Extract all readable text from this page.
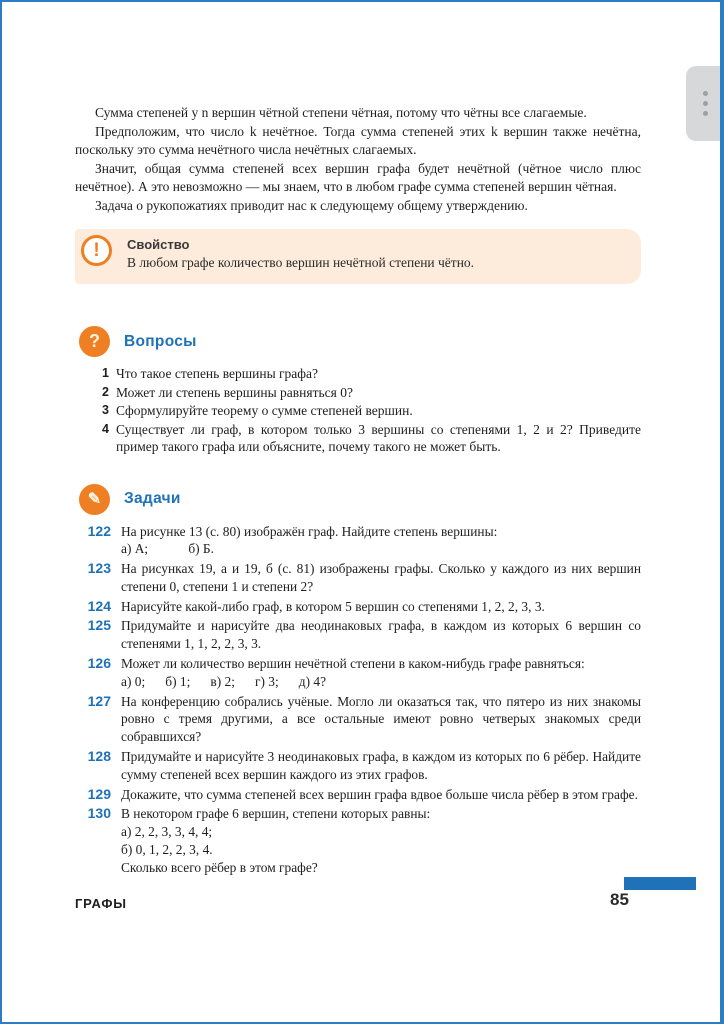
Сумма степеней у n вершин чётной степени чётная, потому что чётны все слагаемые.

Предположим, что число k нечётное. Тогда сумма степеней этих k вершин также нечётна, поскольку это сумма нечётного числа нечётных слагаемых.

Значит, общая сумма степеней всех вершин графа будет нечётной (чётное число плюс нечётное). А это невозможно — мы знаем, что в любом графе сумма степеней вершин чётная.

Задача о рукопожатиях приводит нас к следующему общему утверждению.

! Свойство
В любом графе количество вершин нечётной степени чётно.
? Вопросы
1 Что такое степень вершины графа?
2 Может ли степень вершины равняться 0?
3 Сформулируйте теорему о сумме степеней вершин.
4 Существует ли граф, в котором только 3 вершины со степенями 1, 2 и 2? Приведите пример такого графа или объясните, почему такого не может быть.
✎ Задачи
122 На рисунке 13 (с. 80) изображён граф. Найдите степень вершины:

а) А;   б) Б.

123 На рисунках 19, а и 19, б (с. 81) изображены графы. Сколько у каждого из них вершин степени 0, степени 1 и степени 2?

124 Нарисуйте какой-либо граф, в котором 5 вершин со степенями 1, 2, 2, 3, 3.

125 Придумайте и нарисуйте два неодинаковых графа, в каждом из которых 6 вершин со степенями 1, 1, 2, 2, 3, 3.

126 Может ли количество вершин нечётной степени в каком-нибудь графе равняться:

а) 0;   б) 1;   в) 2;   г) 3;   д) 4?

127 На конференцию собрались учёные. Могло ли оказаться так, что пятеро из них знакомы ровно с тремя другими, а все остальные имеют ровно четверых знакомых среди собравшихся?

128 Придумайте и нарисуйте 3 неодинаковых графа, в каждом из которых по 6 рёбер. Найдите сумму степеней всех вершин каждого из этих графов.

129 Докажите, что сумма степеней всех вершин графа вдвое больше числа рёбер в этом графе.

130 В некотором графе 6 вершин, степени которых равны:

а) 2, 2, 3, 3, 4, 4;

б) 0, 1, 2, 2, 3, 4.

Сколько всего рёбер в этом графе?

85
ГРАФЫ
